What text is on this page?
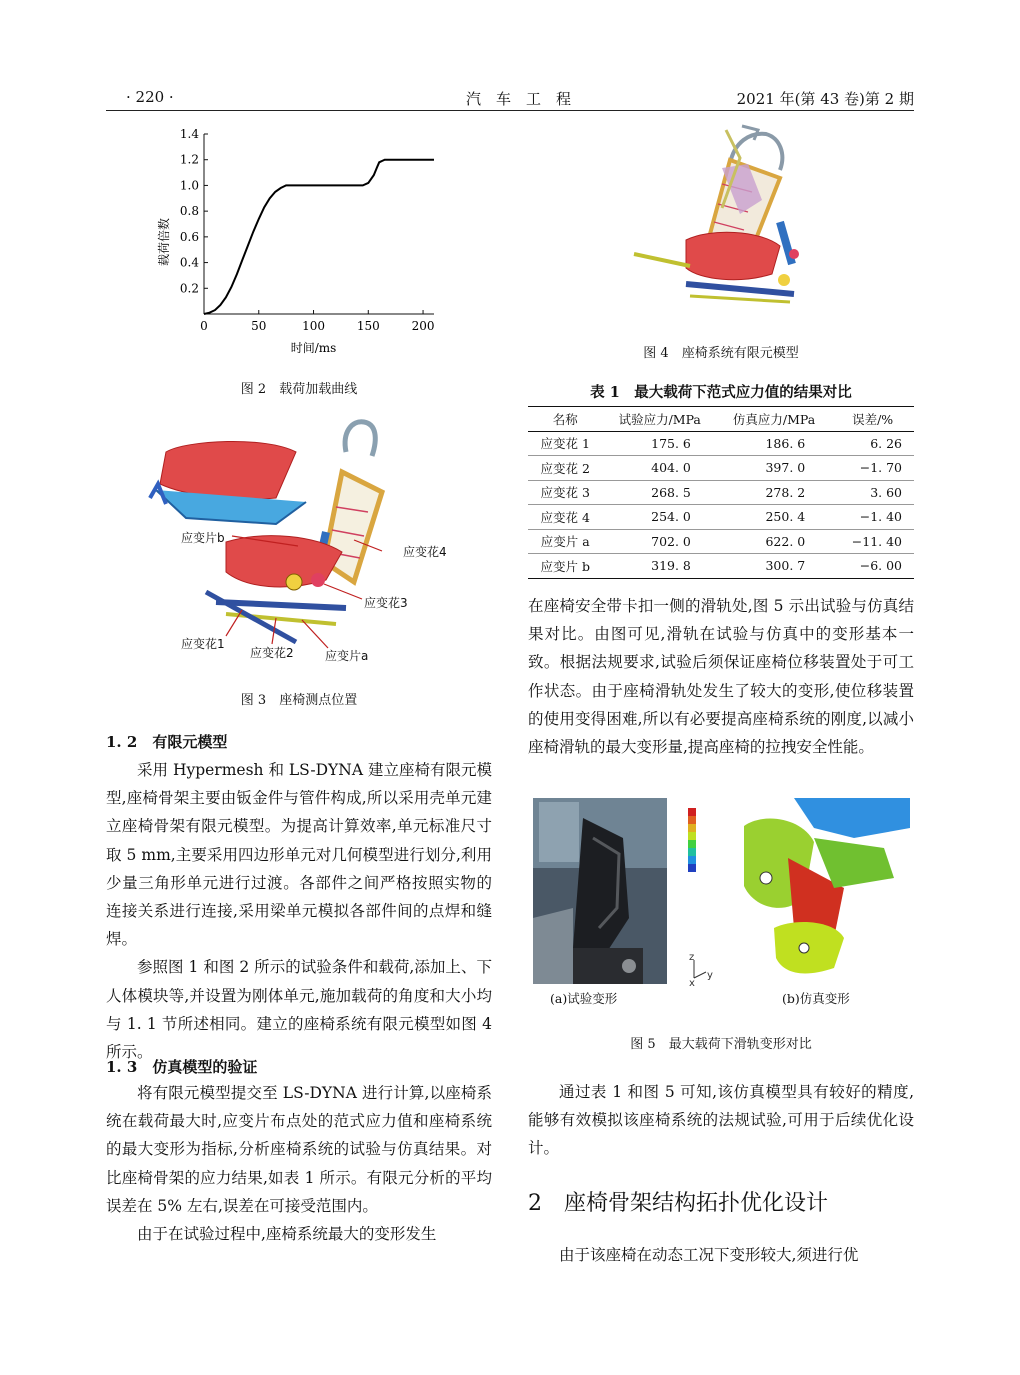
· 220 ·	汽　车　工　程	2021 年(第 43 卷)第 2 期
0	50	100	150	200
0.2
0.4
0.6
0.8
1.0
1.2
1.4
时间/ms
载荷倍数
图 2　载荷加载曲线
应变片b
应变花4
应变花3
应变花1
应变花2	应变片a
图 3　座椅测点位置
1. 2　有限元模型

采用 Hypermesh 和 LS-DYNA 建立座椅有限元模型,座椅骨架主要由钣金件与管件构成,所以采用壳单元建立座椅骨架有限元模型。为提高计算效率,单元标准尺寸取 5 mm,主要采用四边形单元对几何模型进行划分,利用少量三角形单元进行过渡。各部件之间严格按照实物的连接关系进行连接,采用梁单元模拟各部件间的点焊和缝焊。

参照图 1 和图 2 所示的试验条件和载荷,添加上、下人体模块等,并设置为刚体单元,施加载荷的角度和大小均与 1. 1 节所述相同。建立的座椅系统有限元模型如图 4 所示。

1. 3　仿真模型的验证

将有限元模型提交至 LS-DYNA 进行计算,以座椅系统在载荷最大时,应变片布点处的范式应力值和座椅系统的最大变形为指标,分析座椅系统的试验与仿真结果。对比座椅骨架的应力结果,如表 1 所示。有限元分析的平均误差在 5% 左右,误差在可接受范围内。

由于在试验过程中,座椅系统最大的变形发生

图 4　座椅系统有限元模型
表 1　最大载荷下范式应力值的结果对比
名称	试验应力/MPa	仿真应力/MPa	误差/%
应变花 1	175. 6	186. 6	6. 26
应变花 2	404. 0	397. 0	−1. 70
应变花 3	268. 5	278. 2	3. 60
应变花 4	254. 0	250. 4	−1. 40
应变片 a	702. 0	622. 0	−11. 40
应变片 b	319. 8	300. 7	−6. 00

在座椅安全带卡扣一侧的滑轨处,图 5 示出试验与仿真结果对比。由图可见,滑轨在试验与仿真中的变形基本一致。根据法规要求,试验后须保证座椅位移装置处于可工作状态。由于座椅滑轨处发生了较大的变形,使位移装置的使用变得困难,所以有必要提高座椅系统的刚度,以减小座椅滑轨的最大变形量,提高座椅的拉拽安全性能。

z
x
y
(a)试验变形	(b)仿真变形
图 5　最大载荷下滑轨变形对比

通过表 1 和图 5 可知,该仿真模型具有较好的精度,能够有效模拟该座椅系统的法规试验,可用于后续优化设计。

2　座椅骨架结构拓扑优化设计

由于该座椅在动态工况下变形较大,须进行优
